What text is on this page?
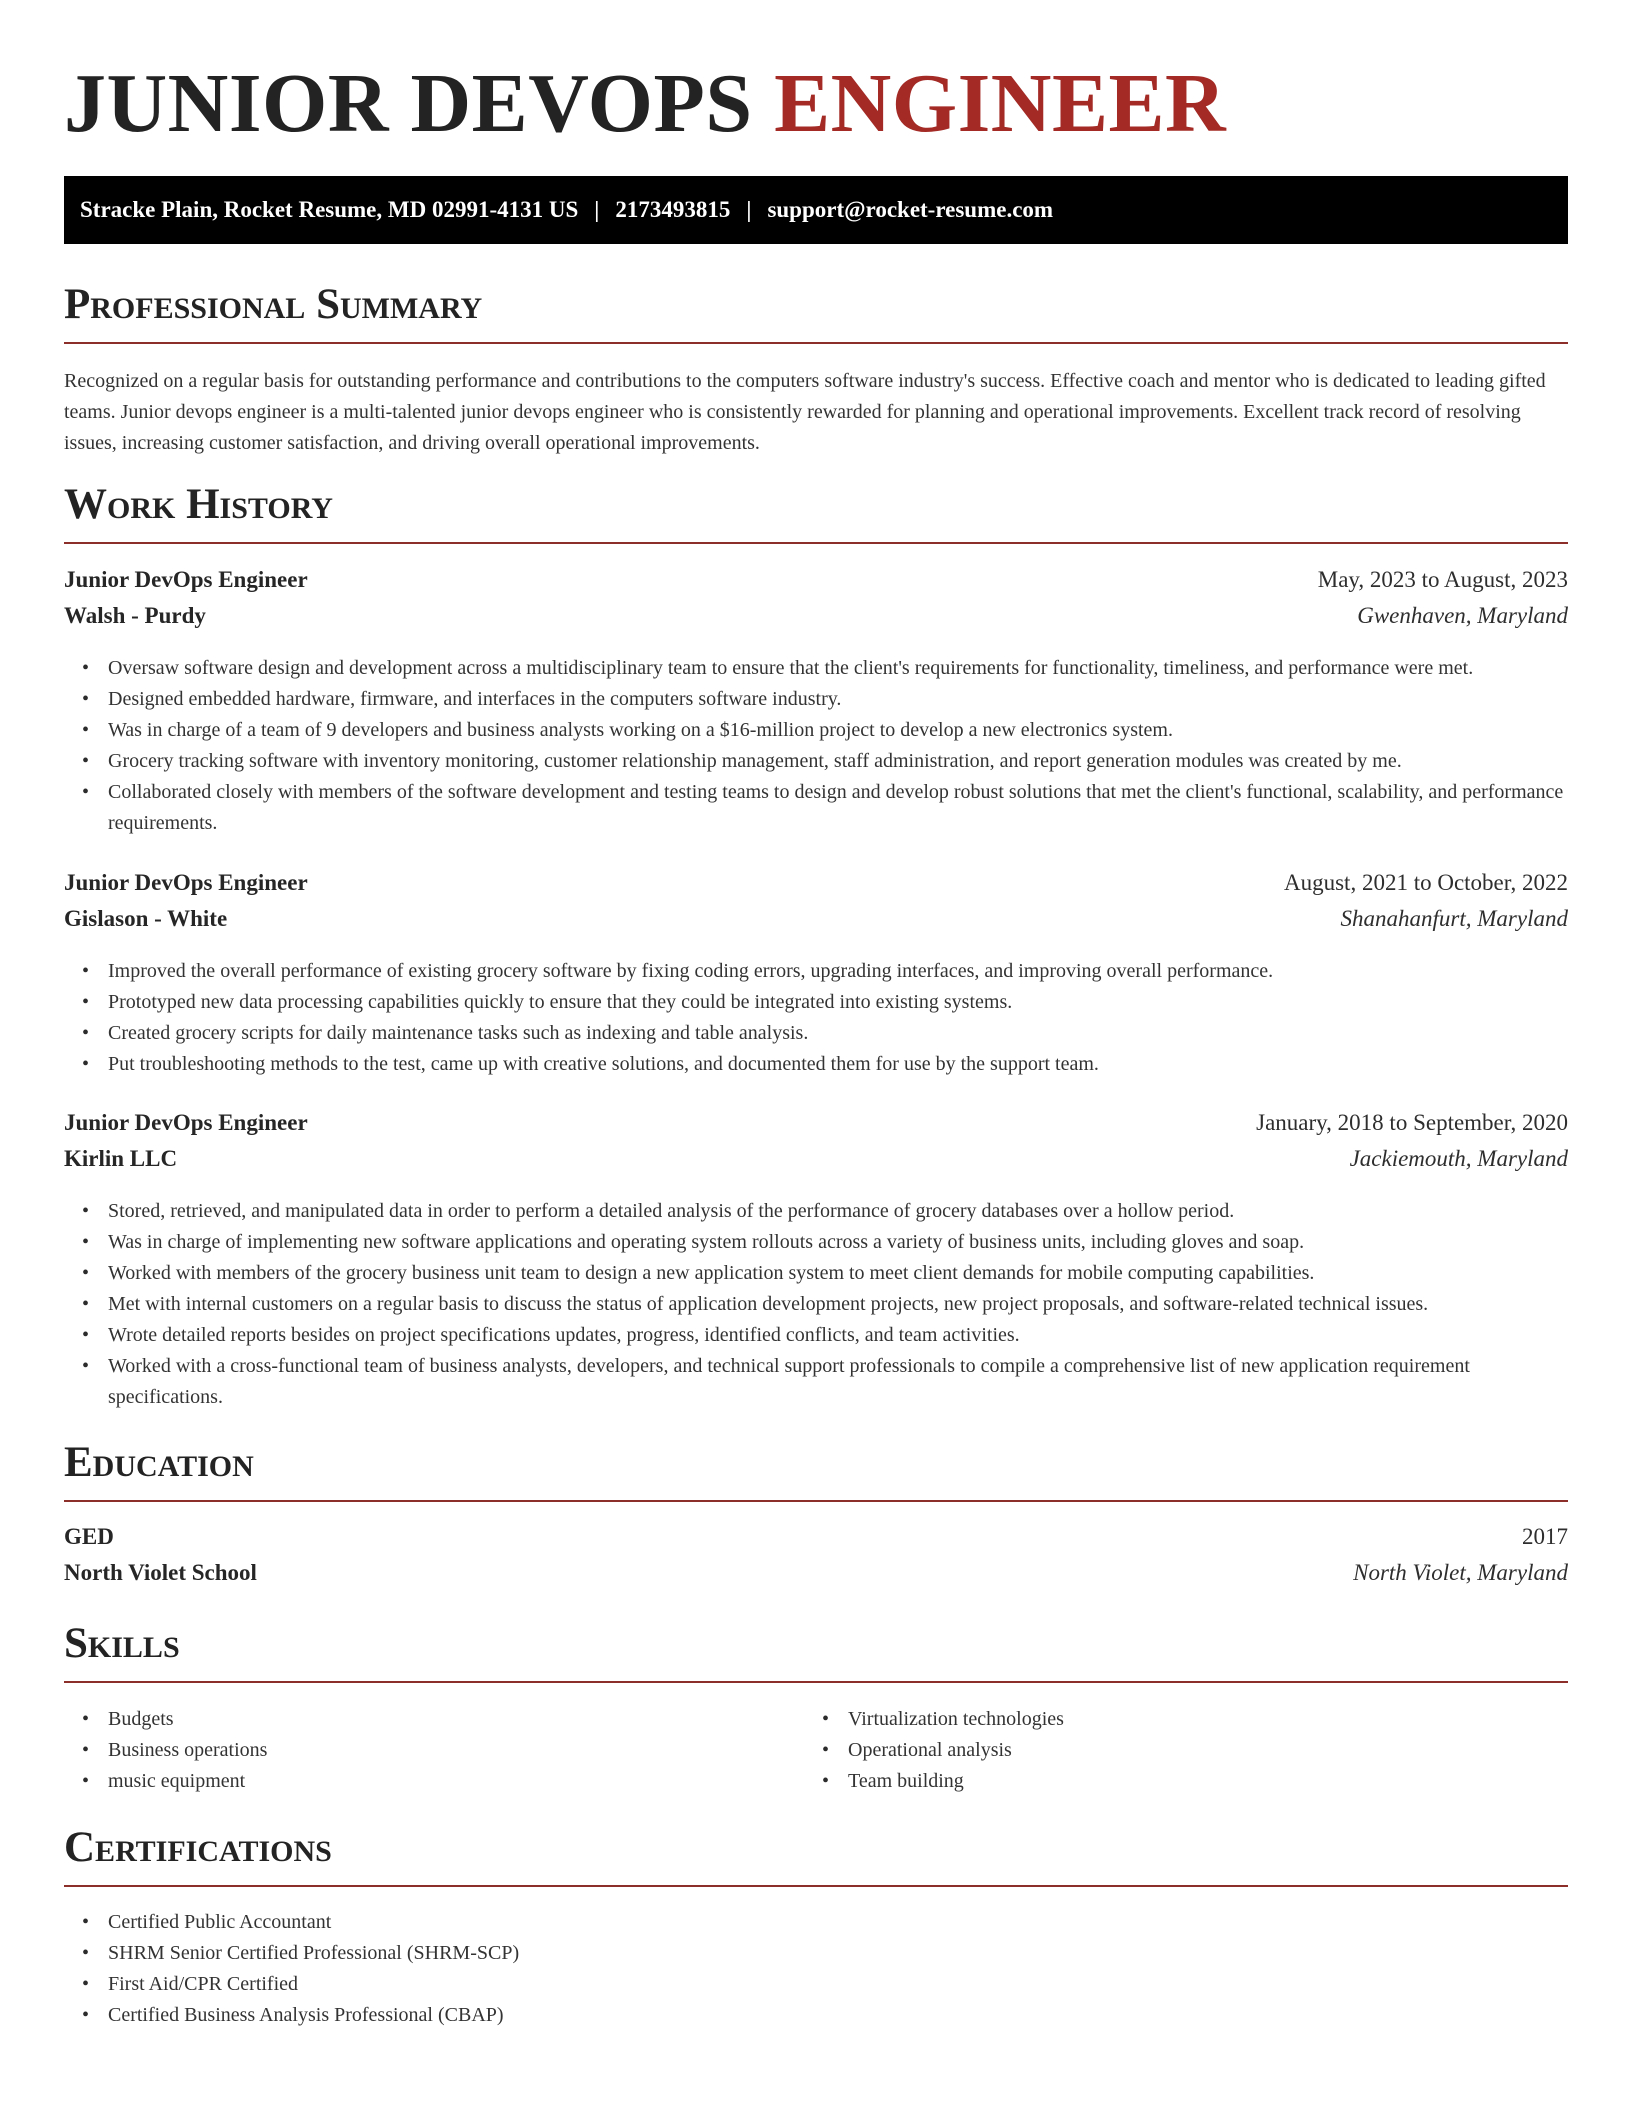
JUNIOR DEVOPS ENGINEER
Stracke Plain, Rocket Resume, MD 02991-4131 US | 2173493815 | support@rocket-resume.com
Professional Summary

Recognized on a regular basis for outstanding performance and contributions to the computers software industry's success. Effective coach and mentor who is dedicated to leading gifted teams. Junior devops engineer is a multi-talented junior devops engineer who is consistently rewarded for planning and operational improvements. Excellent track record of resolving issues, increasing customer satisfaction, and driving overall operational improvements.

Work History
Junior DevOps Engineer	May, 2023 to August, 2023
Walsh - Purdy	Gwenhaven, Maryland
• Oversaw software design and development across a multidisciplinary team to ensure that the client's requirements for functionality, timeliness, and performance were met.
• Designed embedded hardware, firmware, and interfaces in the computers software industry.
• Was in charge of a team of 9 developers and business analysts working on a $16-million project to develop a new electronics system.
• Grocery tracking software with inventory monitoring, customer relationship management, staff administration, and report generation modules was created by me.
• Collaborated closely with members of the software development and testing teams to design and develop robust solutions that met the client's functional, scalability, and performance requirements.
Junior DevOps Engineer	August, 2021 to October, 2022
Gislason - White	Shanahanfurt, Maryland
• Improved the overall performance of existing grocery software by fixing coding errors, upgrading interfaces, and improving overall performance.
• Prototyped new data processing capabilities quickly to ensure that they could be integrated into existing systems.
• Created grocery scripts for daily maintenance tasks such as indexing and table analysis.
• Put troubleshooting methods to the test, came up with creative solutions, and documented them for use by the support team.
Junior DevOps Engineer	January, 2018 to September, 2020
Kirlin LLC	Jackiemouth, Maryland
• Stored, retrieved, and manipulated data in order to perform a detailed analysis of the performance of grocery databases over a hollow period.
• Was in charge of implementing new software applications and operating system rollouts across a variety of business units, including gloves and soap.
• Worked with members of the grocery business unit team to design a new application system to meet client demands for mobile computing capabilities.
• Met with internal customers on a regular basis to discuss the status of application development projects, new project proposals, and software-related technical issues.
• Wrote detailed reports besides on project specifications updates, progress, identified conflicts, and team activities.
• Worked with a cross-functional team of business analysts, developers, and technical support professionals to compile a comprehensive list of new application requirement specifications.
Education
GED	2017
North Violet School	North Violet, Maryland
Skills
• Budgets
• Business operations
• music equipment
• Virtualization technologies
• Operational analysis
• Team building
Certifications
• Certified Public Accountant
• SHRM Senior Certified Professional (SHRM-SCP)
• First Aid/CPR Certified
• Certified Business Analysis Professional (CBAP)
